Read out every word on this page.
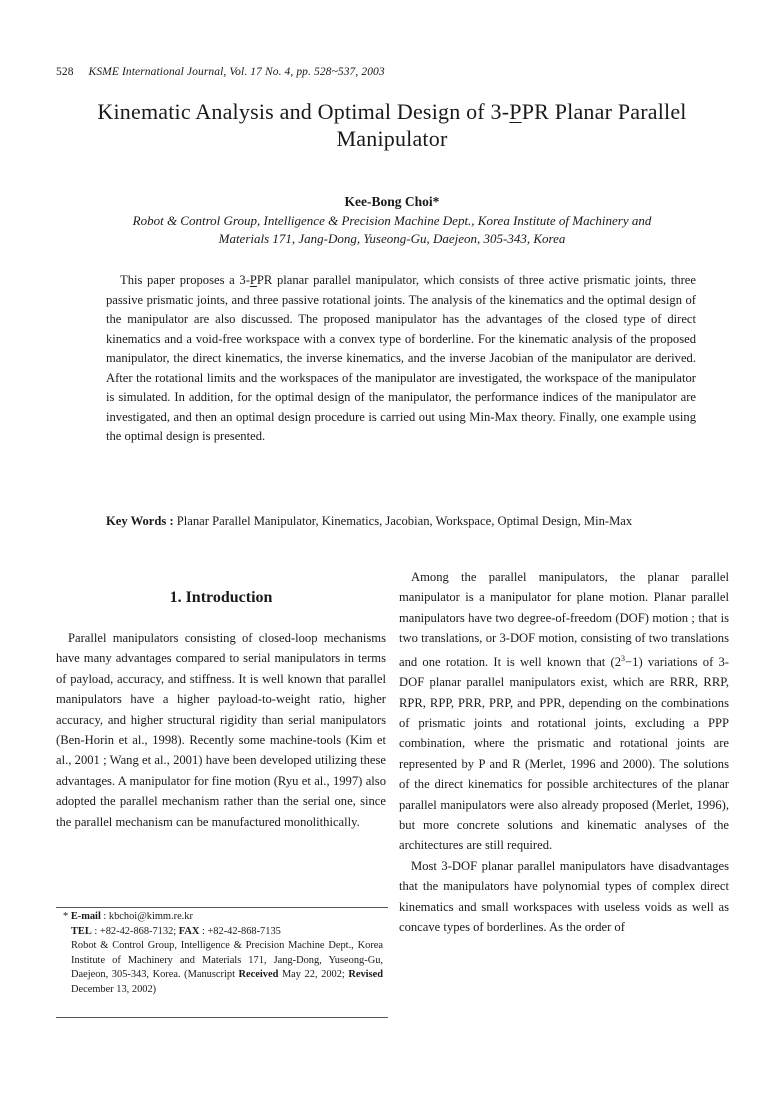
528 KSME International Journal, Vol. 17 No. 4, pp. 528~537, 2003
Kinematic Analysis and Optimal Design of 3-PPR Planar Parallel
Manipulator
Kee-Bong Choi*
Robot & Control Group, Intelligence & Precision Machine Dept., Korea Institute of Machinery and
Materials 171, Jang-Dong, Yuseong-Gu, Daejeon, 305-343, Korea

This paper proposes a 3-PPR planar parallel manipulator, which consists of three active prismatic joints, three passive prismatic joints, and three passive rotational joints. The analysis of the kinematics and the optimal design of the manipulator are also discussed. The proposed manipulator has the advantages of the closed type of direct kinematics and a void-free workspace with a convex type of borderline. For the kinematic analysis of the proposed manipulator, the direct kinematics, the inverse kinematics, and the inverse Jacobian of the manipulator are derived. After the rotational limits and the workspaces of the manipulator are investigated, the workspace of the manipulator is simulated. In addition, for the optimal design of the manipulator, the performance indices of the manipulator are investigated, and then an optimal design procedure is carried out using Min-Max theory. Finally, one example using the optimal design is presented.

Key Words : Planar Parallel Manipulator, Kinematics, Jacobian, Workspace, Optimal Design, Min-Max
1. Introduction

Parallel manipulators consisting of closed-loop mechanisms have many advantages compared to serial manipulators in terms of payload, accuracy, and stiffness. It is well known that parallel manipulators have a higher payload-to-weight ratio, higher accuracy, and higher structural rigidity than serial manipulators (Ben-Horin et al., 1998). Recently some machine-tools (Kim et al., 2001 ; Wang et al., 2001) have been developed utilizing these advantages. A manipulator for fine motion (Ryu et al., 1997) also adopted the parallel mechanism rather than the serial one, since the parallel mechanism can be manufactured monolithically.

* E-mail : kbchoi@kimm.re.kr
TEL : +82-42-868-7132; FAX : +82-42-868-7135
Robot & Control Group, Intelligence & Precision Machine Dept., Korea Institute of Machinery and Materials 171, Jang-Dong, Yuseong-Gu, Daejeon, 305-343, Korea. (Manuscript Received May 22, 2002; Revised December 13, 2002)

Among the parallel manipulators, the planar parallel manipulator is a manipulator for plane motion. Planar parallel manipulators have two degree-of-freedom (DOF) motion ; that is two translations, or 3-DOF motion, consisting of two translations and one rotation. It is well known that $(2^3-1)$ variations of 3-DOF planar parallel manipulators exist, which are RRR, RRP, RPR, RPP, PRR, PRP, and PPR, depending on the combinations of prismatic joints and rotational joints, excluding a PPP combination, where the prismatic and rotational joints are represented by P and R (Merlet, 1996 and 2000). The solutions of the direct kinematics for possible architectures of the planar parallel manipulators were also already proposed (Merlet, 1996), but more concrete solutions and kinematic analyses of the architectures are still required.

Most 3-DOF planar parallel manipulators have disadvantages that the manipulators have polynomial types of complex direct kinematics and small workspaces with useless voids as well as concave types of borderlines. As the order of
